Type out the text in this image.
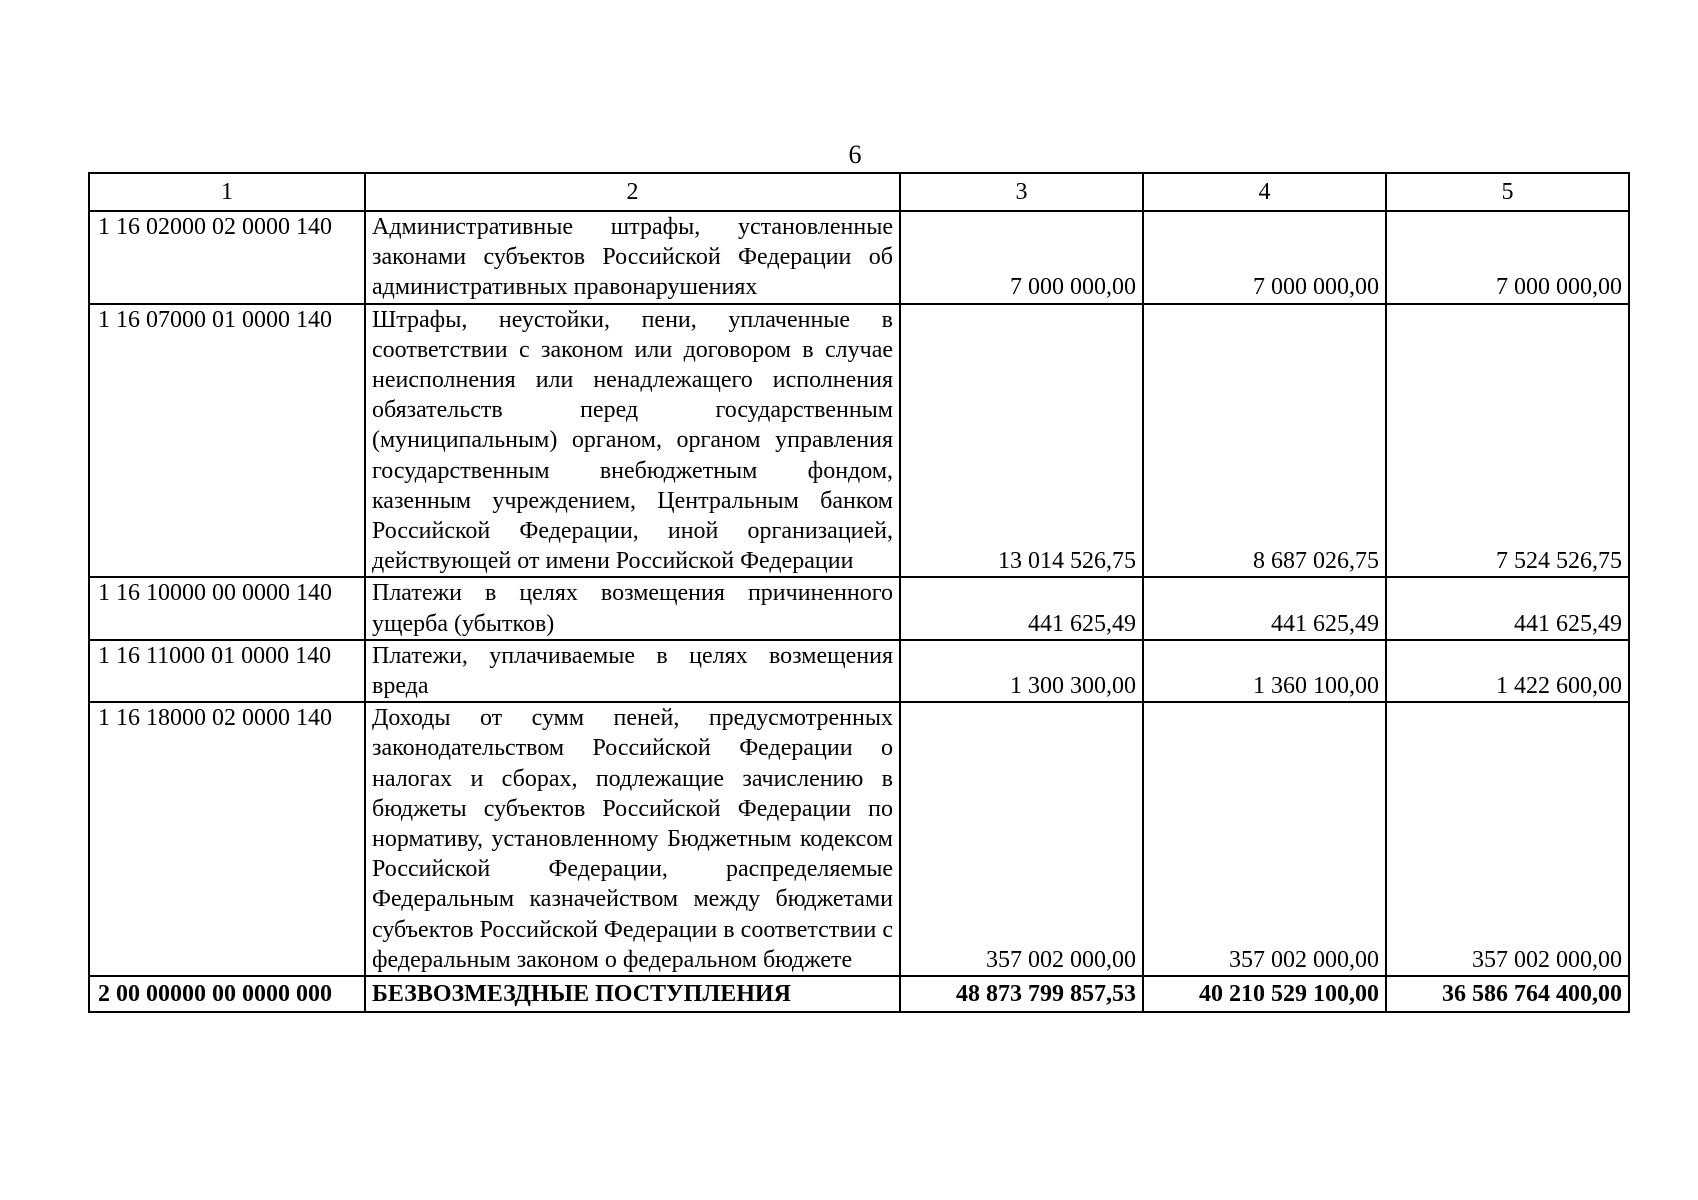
6
1	2	3	4	5
1 16 02000 02 0000 140	Административные штрафы, установленные законами субъектов Российской Федерации об административных правонарушениях	7 000 000,00	7 000 000,00	7 000 000,00
1 16 07000 01 0000 140	Штрафы, неустойки, пени, уплаченные в соответствии с законом или договором в случае неисполнения или ненадлежащего исполнения обязательств перед государственным (муниципальным) органом, органом управления государственным внебюджетным фондом, казенным учреждением, Центральным банком Российской Федерации, иной организацией, действующей от имени Российской Федерации	13 014 526,75	8 687 026,75	7 524 526,75
1 16 10000 00 0000 140	Платежи в целях возмещения причиненного ущерба (убытков)	441 625,49	441 625,49	441 625,49
1 16 11000 01 0000 140	Платежи, уплачиваемые в целях возмещения вреда	1 300 300,00	1 360 100,00	1 422 600,00
1 16 18000 02 0000 140	Доходы от сумм пеней, предусмотренных законодательством Российской Федерации о налогах и сборах, подлежащие зачислению в бюджеты субъектов Российской Федерации по нормативу, установленному Бюджетным кодексом Российской Федерации, распределяемые Федеральным казначейством между бюджетами субъектов Российской Федерации в соответствии с федеральным законом о федеральном бюджете	357 002 000,00	357 002 000,00	357 002 000,00
2 00 00000 00 0000 000	БЕЗВОЗМЕЗДНЫЕ ПОСТУПЛЕНИЯ	48 873 799 857,53	40 210 529 100,00	36 586 764 400,00
